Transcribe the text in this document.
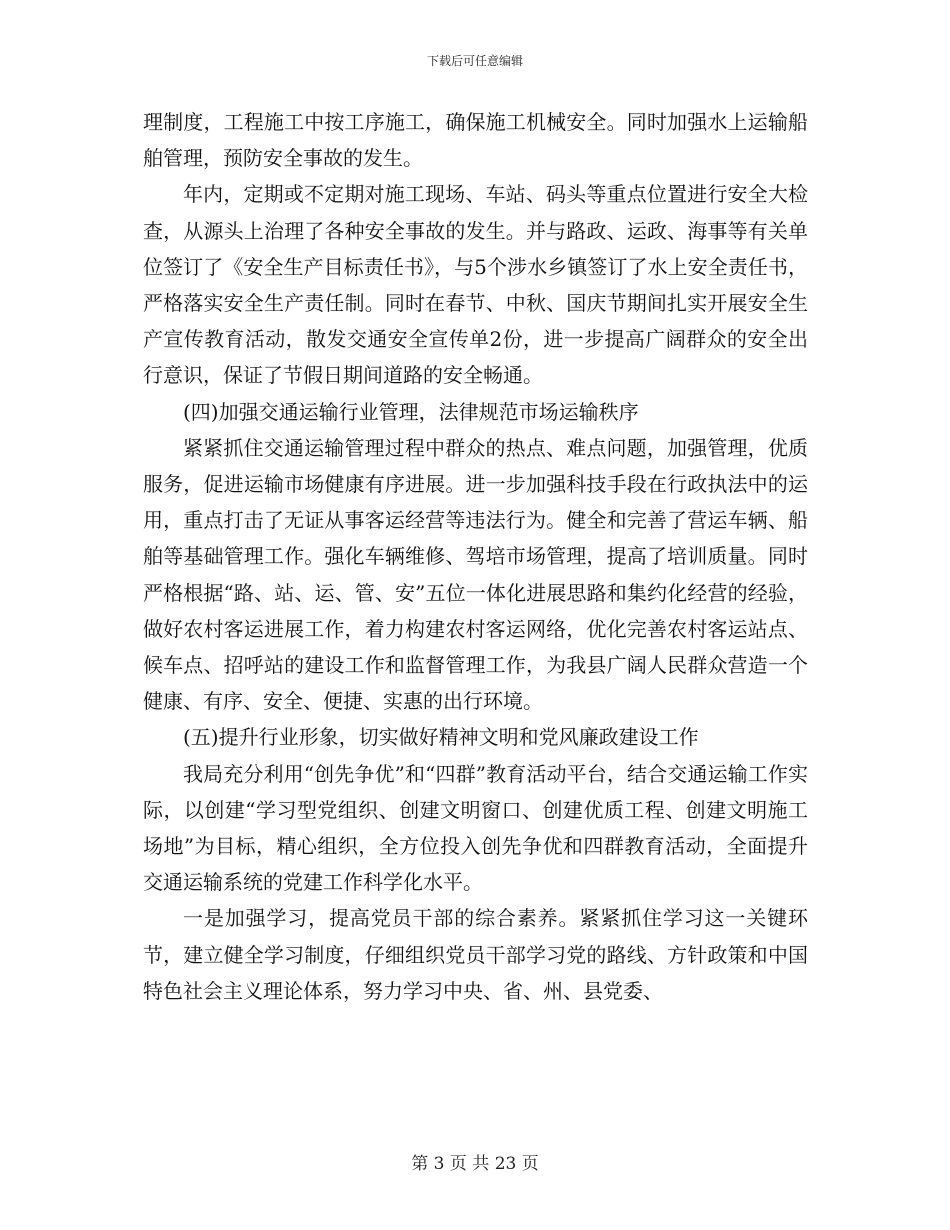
下载后可任意编辑

理制度，工程施工中按工序施工，确保施工机械安全。同时加强水上运输船舶管理，预防安全事故的发生。

年内，定期或不定期对施工现场、车站、码头等重点位置进行安全大检查，从源头上治理了各种安全事故的发生。并与路政、运政、海事等有关单位签订了《安全生产目标责任书》，与5个涉水乡镇签订了水上安全责任书，严格落实安全生产责任制。同时在春节、中秋、国庆节期间扎实开展安全生产宣传教育活动，散发交通安全宣传单2份，进一步提高广阔群众的安全出行意识，保证了节假日期间道路的安全畅通。

(四)加强交通运输行业管理，法律规范市场运输秩序

紧紧抓住交通运输管理过程中群众的热点、难点问题，加强管理，优质服务，促进运输市场健康有序进展。进一步加强科技手段在行政执法中的运用，重点打击了无证从事客运经营等违法行为。健全和完善了营运车辆、船舶等基础管理工作。强化车辆维修、驾培市场管理，提高了培训质量。同时严格根据“路、站、运、管、安”五位一体化进展思路和集约化经营的经验，做好农村客运进展工作，着力构建农村客运网络，优化完善农村客运站点、候车点、招呼站的建设工作和监督管理工作，为我县广阔人民群众营造一个健康、有序、安全、便捷、实惠的出行环境。

(五)提升行业形象，切实做好精神文明和党风廉政建设工作

我局充分利用“创先争优”和“四群”教育活动平台，结合交通运输工作实际，以创建“学习型党组织、创建文明窗口、创建优质工程、创建文明施工场地”为目标，精心组织，全方位投入创先争优和四群教育活动，全面提升交通运输系统的党建工作科学化水平。

一是加强学习，提高党员干部的综合素养。紧紧抓住学习这一关键环节，建立健全学习制度，仔细组织党员干部学习党的路线、方针政策和中国特色社会主义理论体系，努力学习中央、省、州、县党委、

第 3 页 共 23 页
